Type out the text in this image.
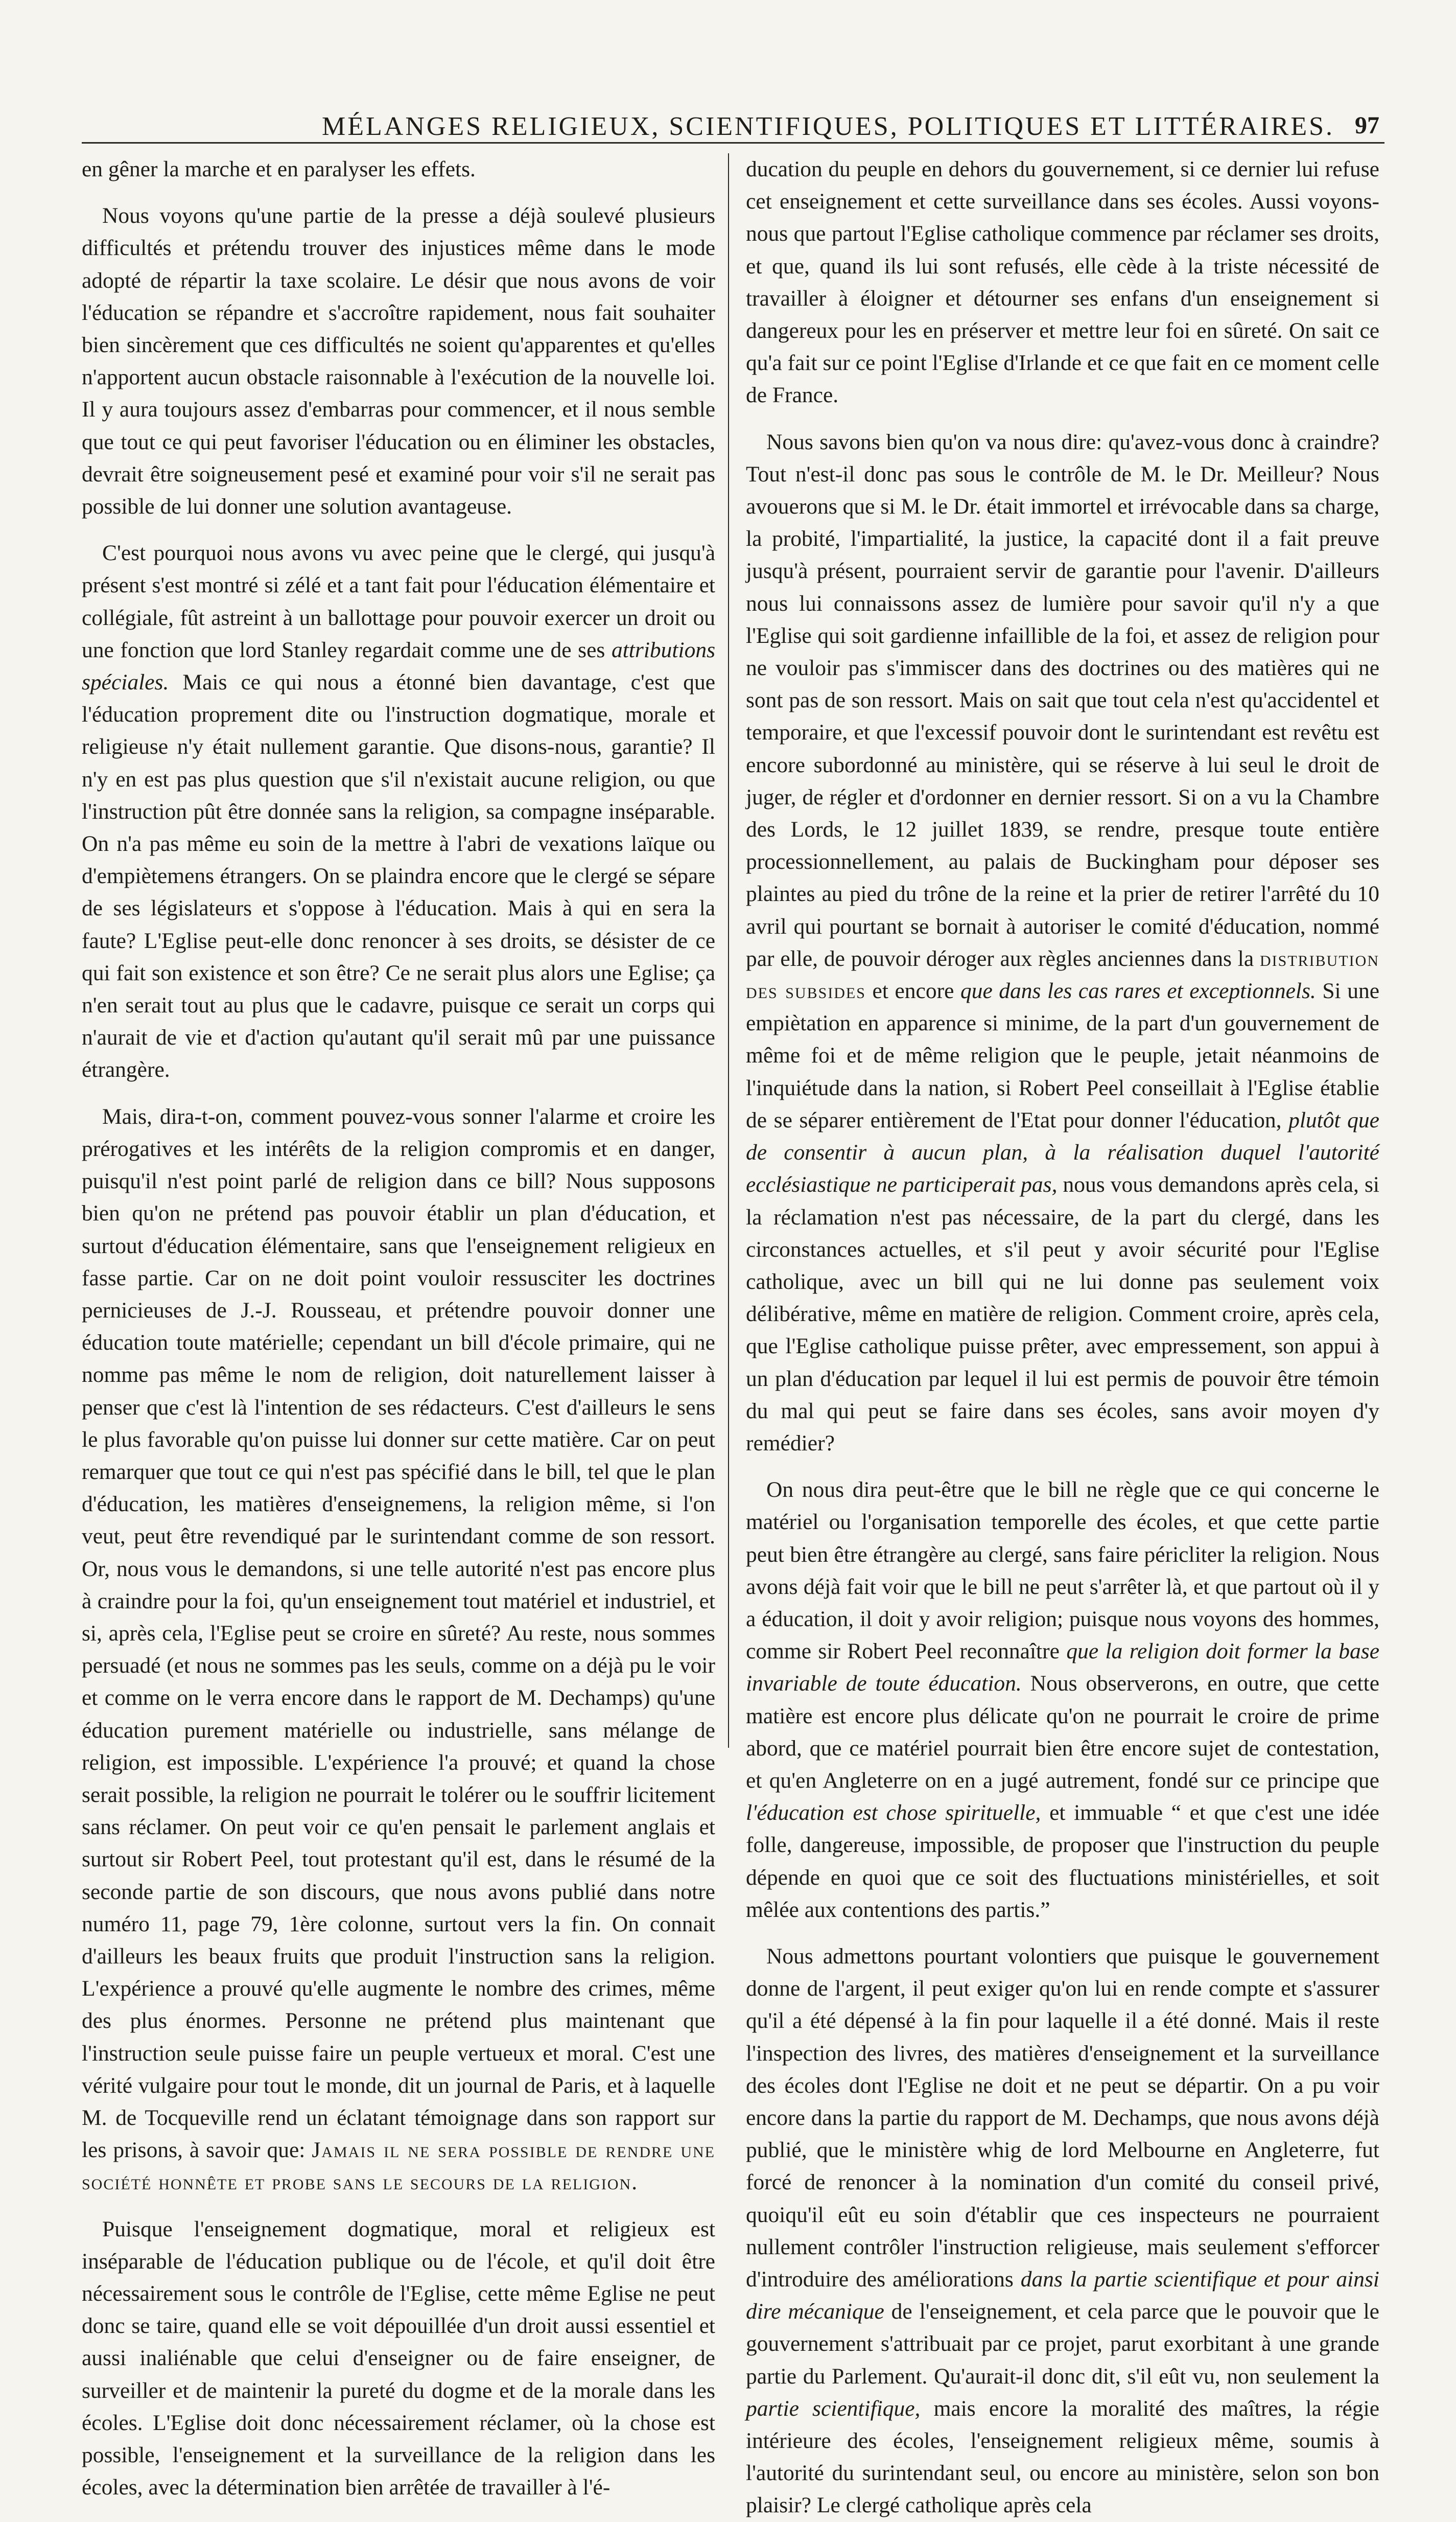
MÉLANGES RELIGIEUX, SCIENTIFIQUES, POLITIQUES ET LITTÉRAIRES. 97

en gêner la marche et en paralyser les effets.

Nous voyons qu'une partie de la presse a déjà soulevé plusieurs difficultés et prétendu trouver des injustices même dans le mode adopté de répartir la taxe scolaire. Le désir que nous avons de voir l'éducation se répandre et s'accroître rapidement, nous fait souhaiter bien sincèrement que ces difficultés ne soient qu'apparentes et qu'elles n'apportent aucun obstacle raisonnable à l'exécution de la nouvelle loi. Il y aura toujours assez d'embarras pour commencer, et il nous semble que tout ce qui peut favoriser l'éducation ou en éliminer les obstacles, devrait être soigneusement pesé et examiné pour voir s'il ne serait pas possible de lui donner une solution avantageuse.

C'est pourquoi nous avons vu avec peine que le clergé, qui jusqu'à présent s'est montré si zélé et a tant fait pour l'éducation élémentaire et collégiale, fût astreint à un ballottage pour pouvoir exercer un droit ou une fonction que lord Stanley regardait comme une de ses attributions spéciales. Mais ce qui nous a étonné bien davantage, c'est que l'éducation proprement dite ou l'instruction dogmatique, morale et religieuse n'y était nullement garantie. Que disons-nous, garantie? Il n'y en est pas plus question que s'il n'existait aucune religion, ou que l'instruction pût être donnée sans la religion, sa compagne inséparable. On n'a pas même eu soin de la mettre à l'abri de vexations laïque ou d'empiètemens étrangers. On se plaindra encore que le clergé se sépare de ses législateurs et s'oppose à l'éducation. Mais à qui en sera la faute? L'Eglise peut-elle donc renoncer à ses droits, se désister de ce qui fait son existence et son être? Ce ne serait plus alors une Eglise; ça n'en serait tout au plus que le cadavre, puisque ce serait un corps qui n'aurait de vie et d'action qu'autant qu'il serait mû par une puissance étrangère.

Mais, dira-t-on, comment pouvez-vous sonner l'alarme et croire les prérogatives et les intérêts de la religion compromis et en danger, puisqu'il n'est point parlé de religion dans ce bill? Nous supposons bien qu'on ne prétend pas pouvoir établir un plan d'éducation, et surtout d'éducation élémentaire, sans que l'enseignement religieux en fasse partie. Car on ne doit point vouloir ressusciter les doctrines pernicieuses de J.-J. Rousseau, et prétendre pouvoir donner une éducation toute matérielle; cependant un bill d'école primaire, qui ne nomme pas même le nom de religion, doit naturellement laisser à penser que c'est là l'intention de ses rédacteurs. C'est d'ailleurs le sens le plus favorable qu'on puisse lui donner sur cette matière. Car on peut remarquer que tout ce qui n'est pas spécifié dans le bill, tel que le plan d'éducation, les matières d'enseignemens, la religion même, si l'on veut, peut être revendiqué par le surintendant comme de son ressort. Or, nous vous le demandons, si une telle autorité n'est pas encore plus à craindre pour la foi, qu'un enseignement tout matériel et industriel, et si, après cela, l'Eglise peut se croire en sûreté? Au reste, nous sommes persuadé (et nous ne sommes pas les seuls, comme on a déjà pu le voir et comme on le verra encore dans le rapport de M. Dechamps) qu'une éducation purement matérielle ou industrielle, sans mélange de religion, est impossible. L'expérience l'a prouvé; et quand la chose serait possible, la religion ne pourrait le tolérer ou le souffrir licitement sans réclamer. On peut voir ce qu'en pensait le parlement anglais et surtout sir Robert Peel, tout protestant qu'il est, dans le résumé de la seconde partie de son discours, que nous avons publié dans notre numéro 11, page 79, 1ère colonne, surtout vers la fin. On connait d'ailleurs les beaux fruits que produit l'instruction sans la religion. L'expérience a prouvé qu'elle augmente le nombre des crimes, même des plus énormes. Personne ne prétend plus maintenant que l'instruction seule puisse faire un peuple vertueux et moral. C'est une vérité vulgaire pour tout le monde, dit un journal de Paris, et à laquelle M. de Tocqueville rend un éclatant témoignage dans son rapport sur les prisons, à savoir que: Jamais il ne sera possible de rendre une société honnête et probe sans le secours de la religion.

Puisque l'enseignement dogmatique, moral et religieux est inséparable de l'éducation publique ou de l'école, et qu'il doit être nécessairement sous le contrôle de l'Eglise, cette même Eglise ne peut donc se taire, quand elle se voit dépouillée d'un droit aussi essentiel et aussi inaliénable que celui d'enseigner ou de faire enseigner, de surveiller et de maintenir la pureté du dogme et de la morale dans les écoles. L'Eglise doit donc nécessairement réclamer, où la chose est possible, l'enseignement et la surveillance de la religion dans les écoles, avec la détermination bien arrêtée de travailler à l'é-

ducation du peuple en dehors du gouvernement, si ce dernier lui refuse cet enseignement et cette surveillance dans ses écoles. Aussi voyons-nous que partout l'Eglise catholique commence par réclamer ses droits, et que, quand ils lui sont refusés, elle cède à la triste nécessité de travailler à éloigner et détourner ses enfans d'un enseignement si dangereux pour les en préserver et mettre leur foi en sûreté. On sait ce qu'a fait sur ce point l'Eglise d'Irlande et ce que fait en ce moment celle de France.

Nous savons bien qu'on va nous dire: qu'avez-vous donc à craindre? Tout n'est-il donc pas sous le contrôle de M. le Dr. Meilleur? Nous avouerons que si M. le Dr. était immortel et irrévocable dans sa charge, la probité, l'impartialité, la justice, la capacité dont il a fait preuve jusqu'à présent, pourraient servir de garantie pour l'avenir. D'ailleurs nous lui connaissons assez de lumière pour savoir qu'il n'y a que l'Eglise qui soit gardienne infaillible de la foi, et assez de religion pour ne vouloir pas s'immiscer dans des doctrines ou des matières qui ne sont pas de son ressort. Mais on sait que tout cela n'est qu'accidentel et temporaire, et que l'excessif pouvoir dont le surintendant est revêtu est encore subordonné au ministère, qui se réserve à lui seul le droit de juger, de régler et d'ordonner en dernier ressort. Si on a vu la Chambre des Lords, le 12 juillet 1839, se rendre, presque toute entière processionnellement, au palais de Buckingham pour déposer ses plaintes au pied du trône de la reine et la prier de retirer l'arrêté du 10 avril qui pourtant se bornait à autoriser le comité d'éducation, nommé par elle, de pouvoir déroger aux règles anciennes dans la distribution des subsides et encore que dans les cas rares et exceptionnels. Si une empiètation en apparence si minime, de la part d'un gouvernement de même foi et de même religion que le peuple, jetait néanmoins de l'inquiétude dans la nation, si Robert Peel conseillait à l'Eglise établie de se séparer entièrement de l'Etat pour donner l'éducation, plutôt que de consentir à aucun plan, à la réalisation duquel l'autorité ecclésiastique ne participerait pas, nous vous demandons après cela, si la réclamation n'est pas nécessaire, de la part du clergé, dans les circonstances actuelles, et s'il peut y avoir sécurité pour l'Eglise catholique, avec un bill qui ne lui donne pas seulement voix délibérative, même en matière de religion. Comment croire, après cela, que l'Eglise catholique puisse prêter, avec empressement, son appui à un plan d'éducation par lequel il lui est permis de pouvoir être témoin du mal qui peut se faire dans ses écoles, sans avoir moyen d'y remédier?

On nous dira peut-être que le bill ne règle que ce qui concerne le matériel ou l'organisation temporelle des écoles, et que cette partie peut bien être étrangère au clergé, sans faire péricliter la religion. Nous avons déjà fait voir que le bill ne peut s'arrêter là, et que partout où il y a éducation, il doit y avoir religion; puisque nous voyons des hommes, comme sir Robert Peel reconnaître que la religion doit former la base invariable de toute éducation. Nous observerons, en outre, que cette matière est encore plus délicate qu'on ne pourrait le croire de prime abord, que ce matériel pourrait bien être encore sujet de contestation, et qu'en Angleterre on en a jugé autrement, fondé sur ce principe que l'éducation est chose spirituelle, et immuable “ et que c'est une idée folle, dangereuse, impossible, de proposer que l'instruction du peuple dépende en quoi que ce soit des fluctuations ministérielles, et soit mêlée aux contentions des partis.”

Nous admettons pourtant volontiers que puisque le gouvernement donne de l'argent, il peut exiger qu'on lui en rende compte et s'assurer qu'il a été dépensé à la fin pour laquelle il a été donné. Mais il reste l'inspection des livres, des matières d'enseignement et la surveillance des écoles dont l'Eglise ne doit et ne peut se départir. On a pu voir encore dans la partie du rapport de M. Dechamps, que nous avons déjà publié, que le ministère whig de lord Melbourne en Angleterre, fut forcé de renoncer à la nomination d'un comité du conseil privé, quoiqu'il eût eu soin d'établir que ces inspecteurs ne pourraient nullement contrôler l'instruction religieuse, mais seulement s'efforcer d'introduire des améliorations dans la partie scientifique et pour ainsi dire mécanique de l'enseignement, et cela parce que le pouvoir que le gouvernement s'attribuait par ce projet, parut exorbitant à une grande partie du Parlement. Qu'aurait-il donc dit, s'il eût vu, non seulement la partie scientifique, mais encore la moralité des maîtres, la régie intérieure des écoles, l'enseignement religieux même, soumis à l'autorité du surintendant seul, ou encore au ministère, selon son bon plaisir? Le clergé catholique après cela
